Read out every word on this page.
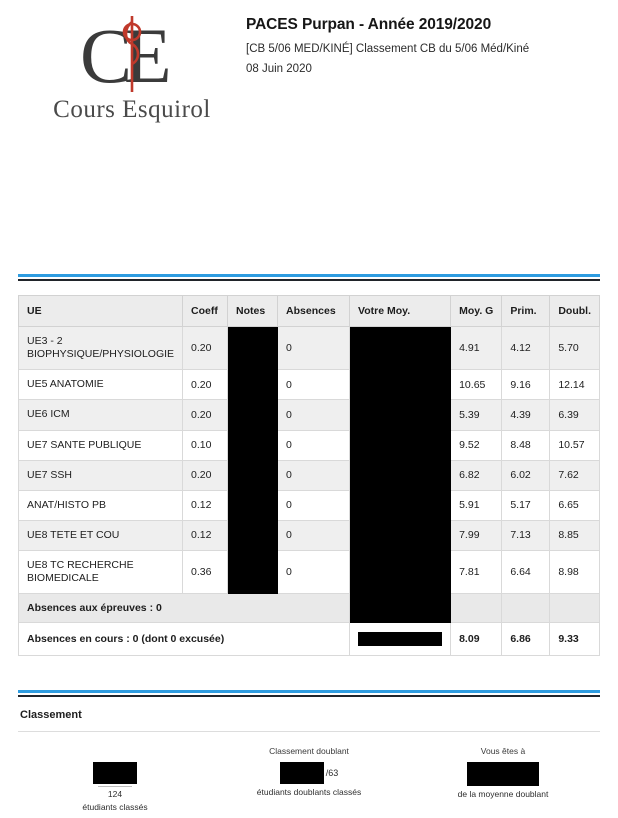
C
E
Cours Esquirol
PACES Purpan - Année 2019/2020

[CB 5/06 MED/KINÉ] Classement CB du 5/06 Méd/Kiné

08 Juin 2020

UE	Coeff	Notes	Absences	Votre Moy.	Moy. G	Prim.	Doubl.
UE3 - 2 BIOPHYSIQUE/PHYSIOLOGIE	0.20		0		4.91	4.12	5.70
UE5 ANATOMIE	0.20		0		10.65	9.16	12.14
UE6 ICM	0.20		0		5.39	4.39	6.39
UE7 SANTE PUBLIQUE	0.10		0		9.52	8.48	10.57
UE7 SSH	0.20		0		6.82	6.02	7.62
ANAT/HISTO PB	0.12		0		5.91	5.17	6.65
UE8 TETE ET COU	0.12		0		7.99	7.13	8.85
UE8 TC RECHERCHE BIOMEDICALE	0.36		0		7.81	6.64	8.98
Absences aux épreuves : 0							
Absences en cours : 0 (dont 0 excusée)					8.09	6.86	9.33
Classement
124
étudiants classés
Classement doublant
/63
étudiants doublants classés
Vous êtes à
de la moyenne doublant
